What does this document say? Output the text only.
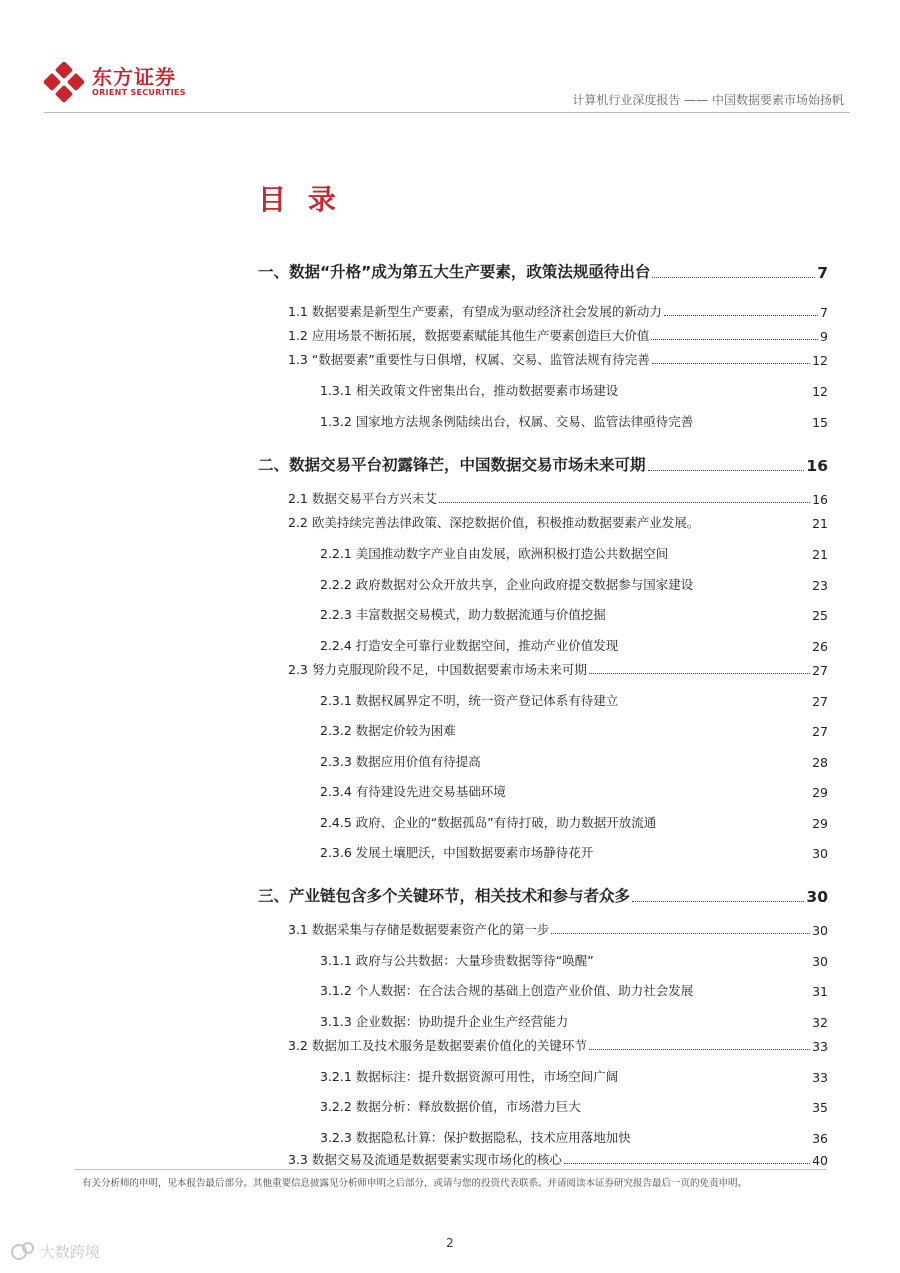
东方证券
ORIENT SECURITIES
计算机行业深度报告 —— 中国数据要素市场始扬帆
目 录
一、数据“升格”成为第五大生产要素，政策法规亟待出台	7
1.1 数据要素是新型生产要素，有望成为驱动经济社会发展的新动力	7
1.2 应用场景不断拓展，数据要素赋能其他生产要素创造巨大价值	9
1.3 “数据要素”重要性与日俱增，权属、交易、监管法规有待完善	12
1.3.1 相关政策文件密集出台，推动数据要素市场建设	12
1.3.2 国家地方法规条例陆续出台，权属、交易、监管法律亟待完善	15
二、数据交易平台初露锋芒，中国数据交易市场未来可期	16
2.1 数据交易平台方兴未艾	16
2.2 欧美持续完善法律政策、深挖数据价值，积极推动数据要素产业发展。	21
2.2.1 美国推动数字产业自由发展，欧洲积极打造公共数据空间	21
2.2.2 政府数据对公众开放共享，企业向政府提交数据参与国家建设	23
2.2.3 丰富数据交易模式，助力数据流通与价值挖掘	25
2.2.4 打造安全可靠行业数据空间，推动产业价值发现	26
2.3 努力克服现阶段不足，中国数据要素市场未来可期	27
2.3.1 数据权属界定不明，统一资产登记体系有待建立	27
2.3.2 数据定价较为困难	27
2.3.3 数据应用价值有待提高	28
2.3.4 有待建设先进交易基础环境	29
2.4.5 政府、企业的“数据孤岛”有待打破，助力数据开放流通	29
2.3.6 发展土壤肥沃，中国数据要素市场静待花开	30
三、产业链包含多个关键环节，相关技术和参与者众多	30
3.1 数据采集与存储是数据要素资产化的第一步	30
3.1.1 政府与公共数据：大量珍贵数据等待“唤醒”	30
3.1.2 个人数据：在合法合规的基础上创造产业价值、助力社会发展	31
3.1.3 企业数据：协助提升企业生产经营能力	32
3.2 数据加工及技术服务是数据要素价值化的关键环节	33
3.2.1 数据标注：提升数据资源可用性，市场空间广阔	33
3.2.2 数据分析：释放数据价值，市场潜力巨大	35
3.2.3 数据隐私计算：保护数据隐私，技术应用落地加快	36
3.3 数据交易及流通是数据要素实现市场化的核心	40
有关分析师的申明，见本报告最后部分。其他重要信息披露见分析师申明之后部分，或请与您的投资代表联系。并请阅读本证券研究报告最后一页的免责申明。
2
大数跨境
